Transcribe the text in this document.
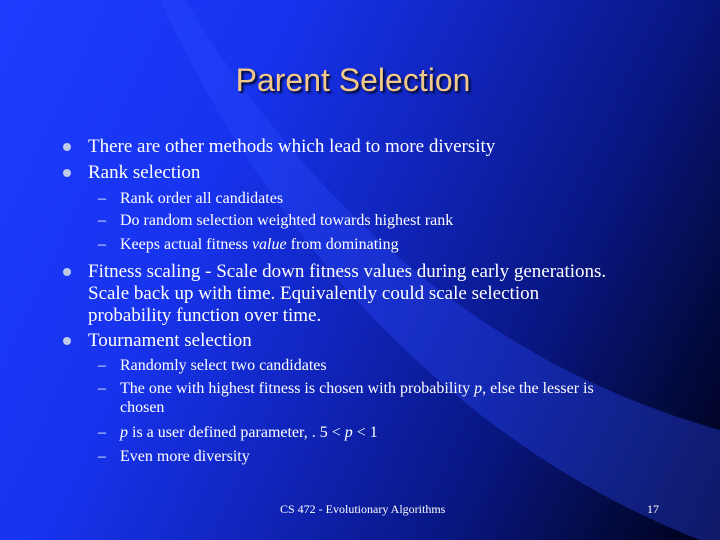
Parent Selection
There are other methods which lead to more diversity
Rank selection
– Rank order all candidates
– Do random selection weighted towards highest rank
– Keeps actual fitness value from dominating
Fitness scaling - Scale down fitness values during early generations.
Scale back up with time. Equivalently could scale selection
probability function over time.
Tournament selection
– Randomly select two candidates
– The one with highest fitness is chosen with probability p, else the lesser is
chosen
– p is a user defined parameter, . 5 < p < 1
– Even more diversity
CS 472 - Evolutionary Algorithms	17
